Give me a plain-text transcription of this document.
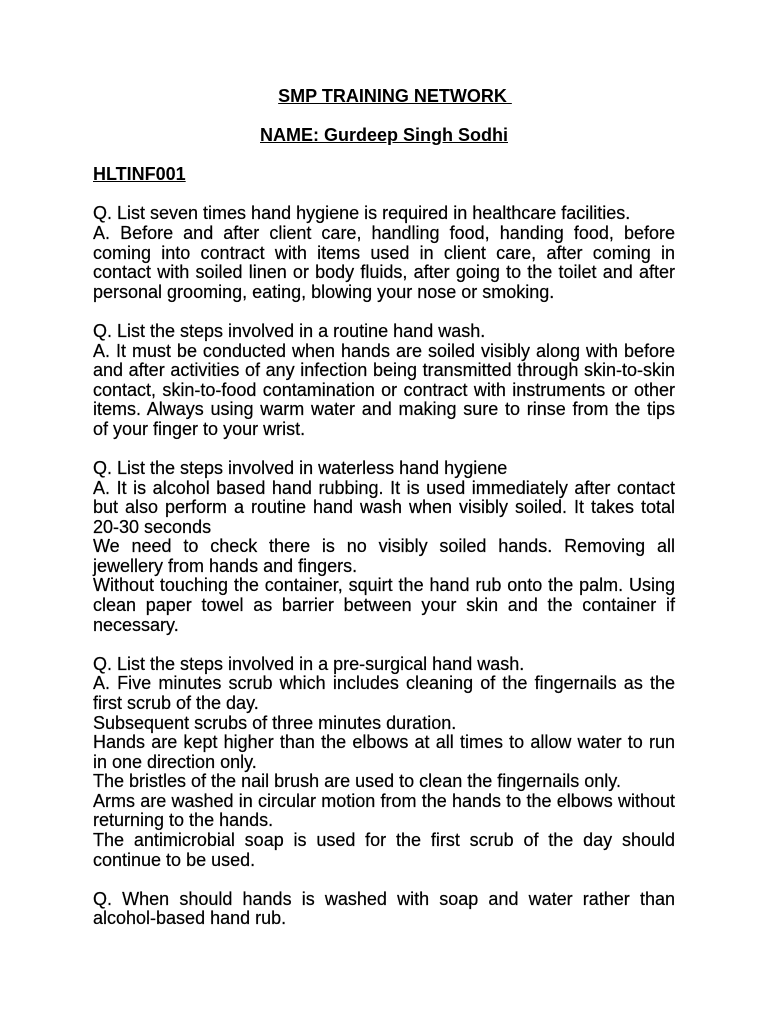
SMP TRAINING NETWORK
NAME: Gurdeep Singh Sodhi
HLTINF001
Q. List seven times hand hygiene is required in healthcare facilities.
A. Before and after client care, handling food, handing food, before
coming into contract with items used in client care, after coming in
contact with soiled linen or body fluids, after going to the toilet and after
personal grooming, eating, blowing your nose or smoking.
Q. List the steps involved in a routine hand wash.
A. It must be conducted when hands are soiled visibly along with before
and after activities of any infection being transmitted through skin-to-skin
contact, skin-to-food contamination or contract with instruments or other
items. Always using warm water and making sure to rinse from the tips
of your finger to your wrist.
Q. List the steps involved in waterless hand hygiene
A. It is alcohol based hand rubbing. It is used immediately after contact
but also perform a routine hand wash when visibly soiled. It takes total
20-30 seconds
We need to check there is no visibly soiled hands. Removing all
jewellery from hands and fingers.
Without touching the container, squirt the hand rub onto the palm. Using
clean paper towel as barrier between your skin and the container if
necessary.
Q. List the steps involved in a pre-surgical hand wash.
A. Five minutes scrub which includes cleaning of the fingernails as the
first scrub of the day.
Subsequent scrubs of three minutes duration.
Hands are kept higher than the elbows at all times to allow water to run
in one direction only.
The bristles of the nail brush are used to clean the fingernails only.
Arms are washed in circular motion from the hands to the elbows without
returning to the hands.
The antimicrobial soap is used for the first scrub of the day should
continue to be used.
Q. When should hands is washed with soap and water rather than
alcohol-based hand rub.
